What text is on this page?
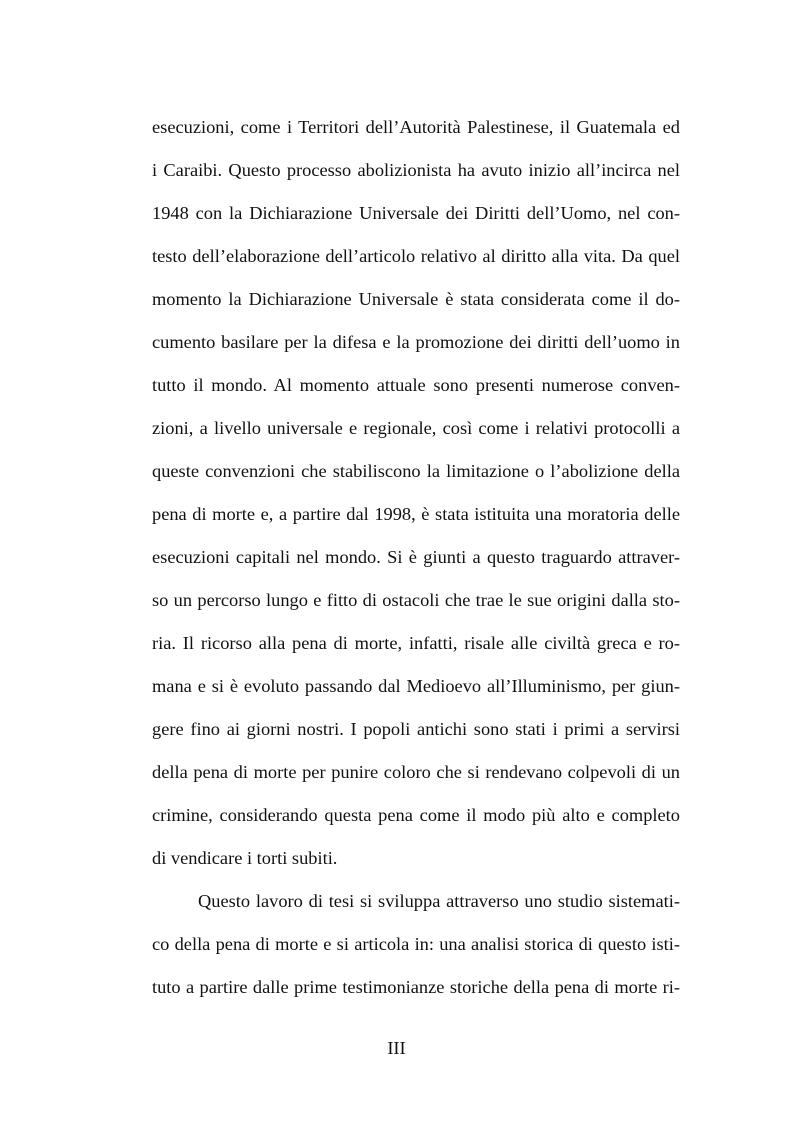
esecuzioni, come i Territori dell’Autorità Palestinese, il Guatemala ed
i Caraibi. Questo processo abolizionista ha avuto inizio all’incirca nel
1948 con la Dichiarazione Universale dei Diritti dell’Uomo, nel con-
testo dell’elaborazione dell’articolo relativo al diritto alla vita. Da quel
momento la Dichiarazione Universale è stata considerata come il do-
cumento basilare per la difesa e la promozione dei diritti dell’uomo in
tutto il mondo. Al momento attuale sono presenti numerose conven-
zioni, a livello universale e regionale, così come i relativi protocolli a
queste convenzioni che stabiliscono la limitazione o l’abolizione della
pena di morte e, a partire dal 1998, è stata istituita una moratoria delle
esecuzioni capitali nel mondo. Si è giunti a questo traguardo attraver-
so un percorso lungo e fitto di ostacoli che trae le sue origini dalla sto-
ria. Il ricorso alla pena di morte, infatti, risale alle civiltà greca e ro-
mana e si è evoluto passando dal Medioevo all’Illuminismo, per giun-
gere fino ai giorni nostri. I popoli antichi sono stati i primi a servirsi
della pena di morte per punire coloro che si rendevano colpevoli di un
crimine, considerando questa pena come il modo più alto e completo
di vendicare i torti subiti.
Questo lavoro di tesi si sviluppa attraverso uno studio sistemati-
co della pena di morte e si articola in: una analisi storica di questo isti-
tuto a partire dalle prime testimonianze storiche della pena di morte ri-
III
